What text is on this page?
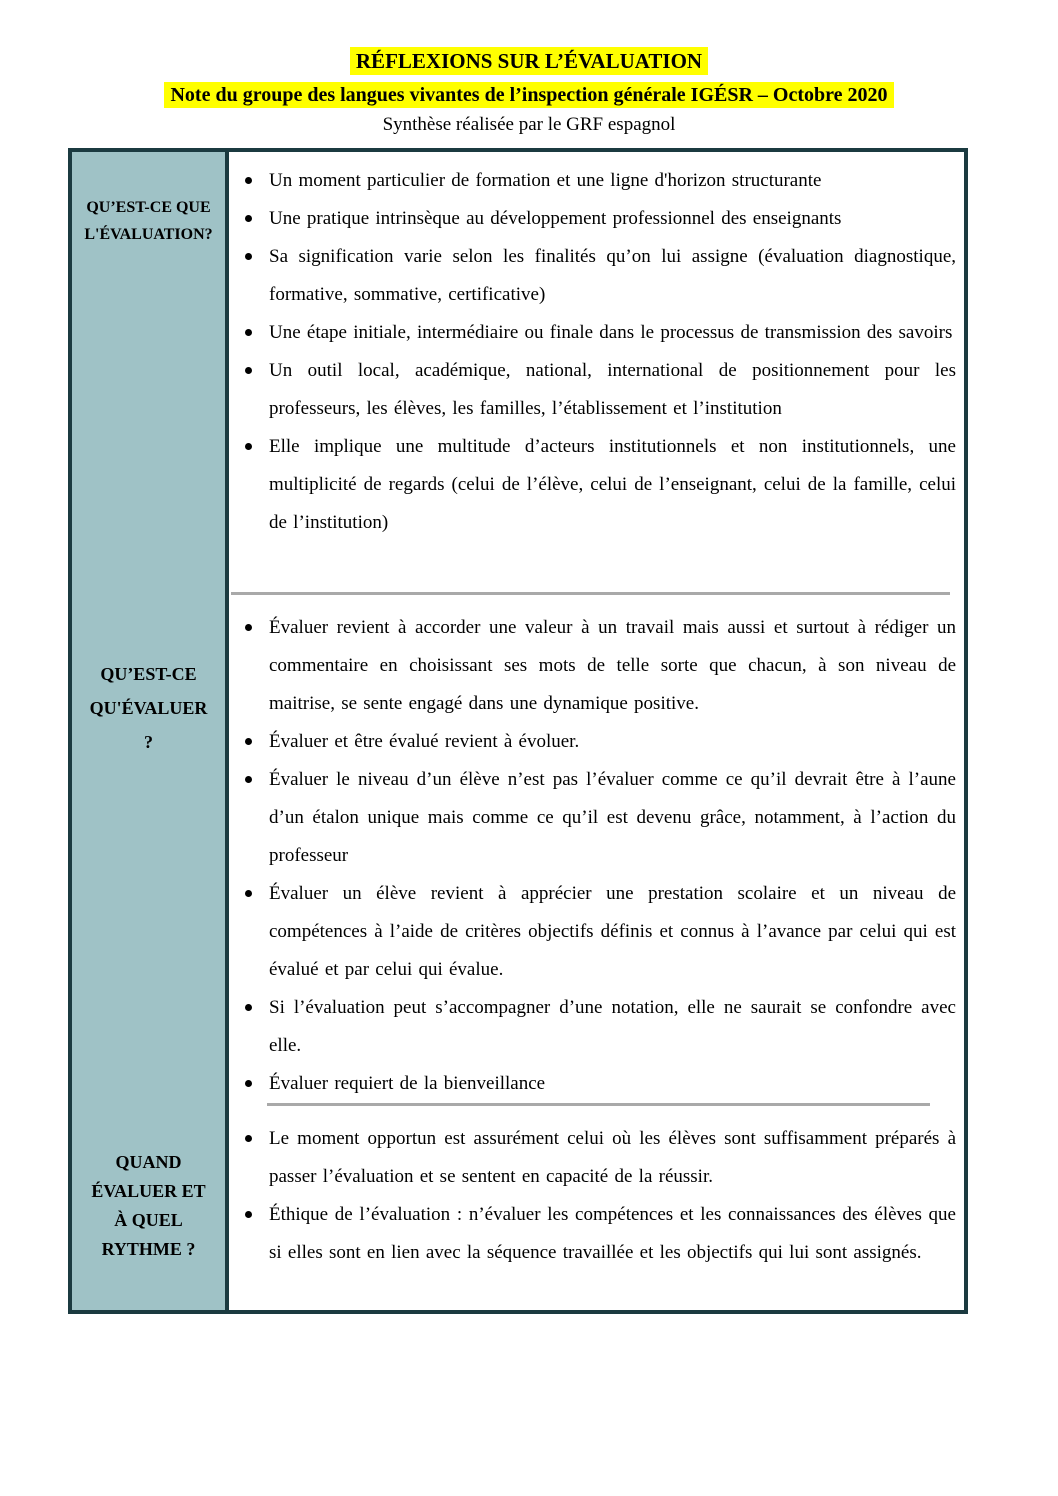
RÉFLEXIONS SUR L’ÉVALUATION
Note du groupe des langues vivantes de l’inspection générale IGÉSR – Octobre 2020
Synthèse réalisée par le GRF espagnol
QU’EST-CE QUE
L'ÉVALUATION?
QU’EST-CE
QU'ÉVALUER
?
QUAND
ÉVALUER ET
À QUEL
RYTHME ?
Un moment particulier de formation et une ligne d'horizon structurante
Une pratique intrinsèque au développement professionnel des enseignants
Sa signification varie selon les finalités qu’on lui assigne (évaluation diagnostique, formative, sommative, certificative)
Une étape initiale, intermédiaire ou finale dans le processus de transmission des savoirs
Un outil local, académique, national, international de positionnement pour les professeurs, les élèves, les familles, l’établissement et l’institution
Elle implique une multitude d’acteurs institutionnels et non institutionnels, une multiplicité de regards (celui de l’élève, celui de l’enseignant, celui de la famille, celui de l’institution)
Évaluer revient à accorder une valeur à un travail mais aussi et surtout à rédiger un commentaire en choisissant ses mots de telle sorte que chacun, à son niveau de maitrise, se sente engagé dans une dynamique positive.
Évaluer et être évalué revient à évoluer.
Évaluer le niveau d’un élève n’est pas l’évaluer comme ce qu’il devrait être à l’aune d’un étalon unique mais comme ce qu’il est devenu grâce, notamment, à l’action du professeur
Évaluer un élève revient à apprécier une prestation scolaire et un niveau de compétences à l’aide de critères objectifs définis et connus à l’avance par celui qui est évalué et par celui qui évalue.
Si l’évaluation peut s’accompagner d’une notation, elle ne saurait se confondre avec elle.
Évaluer requiert de la bienveillance
Le moment opportun est assurément celui où les élèves sont suffisamment préparés à passer l’évaluation et se sentent en capacité de la réussir.
Éthique de l’évaluation : n’évaluer les compétences et les connaissances des élèves que si elles sont en lien avec la séquence travaillée et les objectifs qui lui sont assignés.
